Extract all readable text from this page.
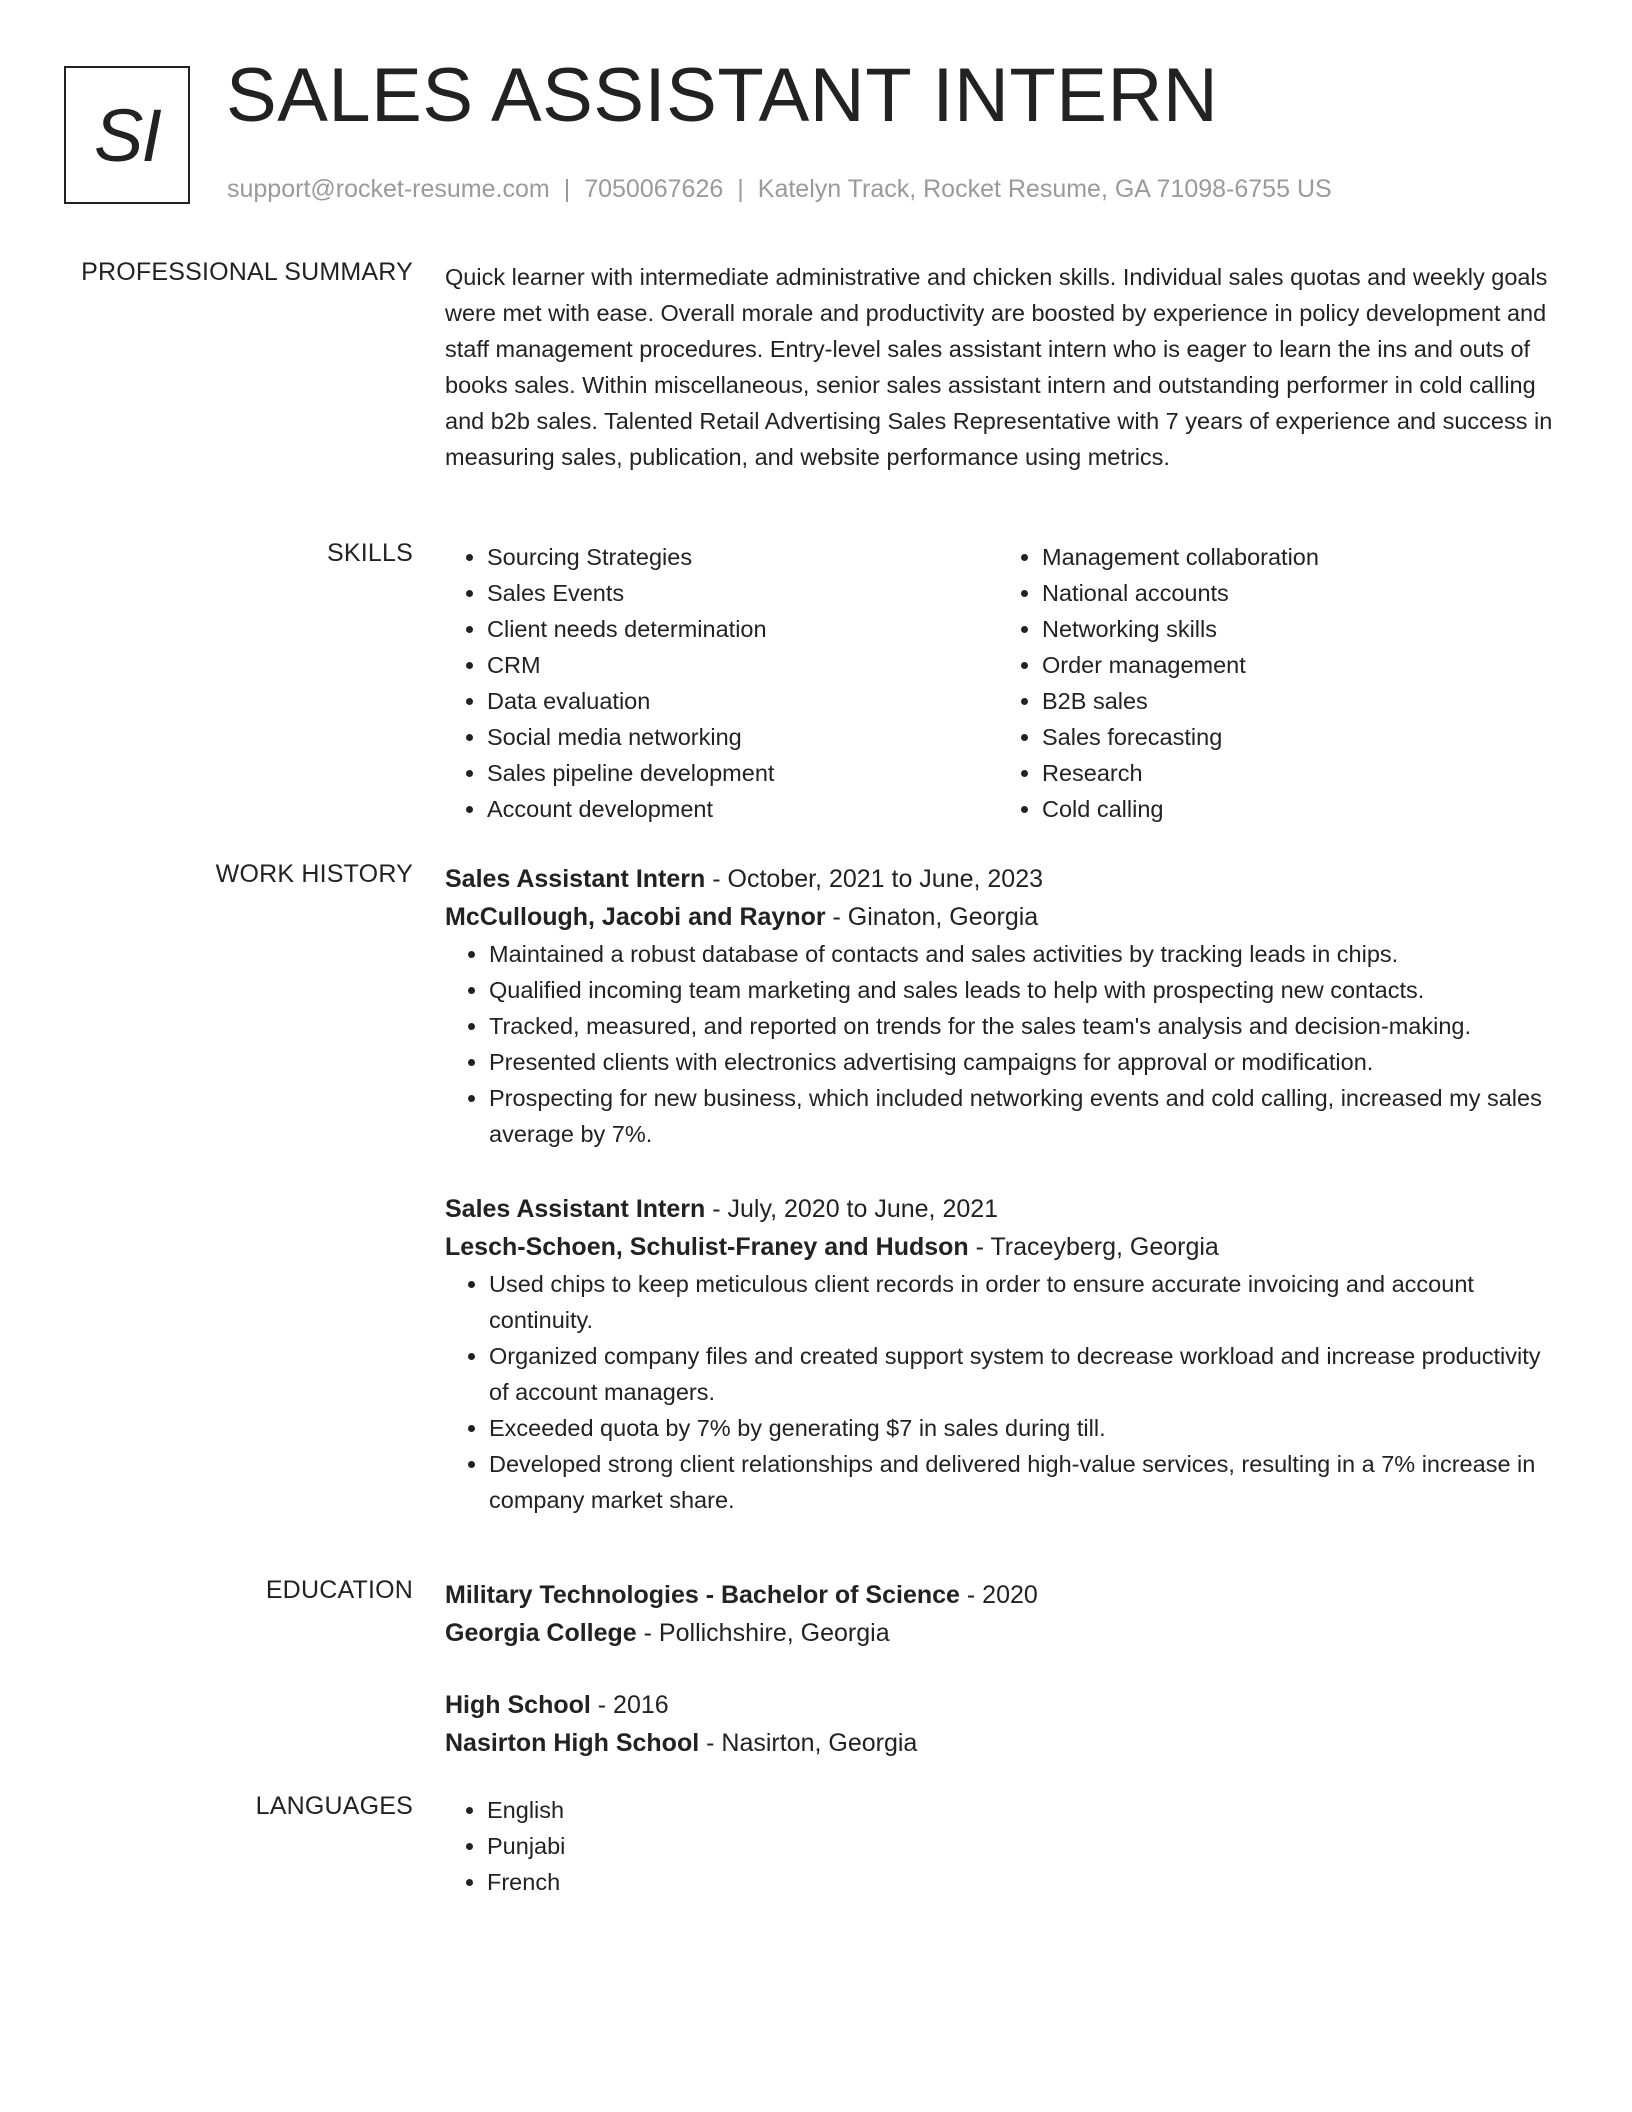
SI SALES ASSISTANT INTERN
support@rocket-resume.com | 7050067626 | Katelyn Track, Rocket Resume, GA 71098-6755 US
PROFESSIONAL SUMMARY Quick learner with intermediate administrative and chicken skills. Individual sales quotas and weekly goals were met with ease. Overall morale and productivity are boosted by experience in policy development and staff management procedures. Entry-level sales assistant intern who is eager to learn the ins and outs of books sales. Within miscellaneous, senior sales assistant intern and outstanding performer in cold calling and b2b sales. Talented Retail Advertising Sales Representative with 7 years of experience and success in measuring sales, publication, and website performance using metrics.

SKILLS	• Sourcing Strategies
• Sales Events
• Client needs determination
• CRM
• Data evaluation
• Social media networking
• Sales pipeline development
• Account development
• Management collaboration
• National accounts
• Networking skills
• Order management
• B2B sales
• Sales forecasting
• Research
• Cold calling
WORK HISTORY Sales Assistant Intern - October, 2021 to June, 2023
McCullough, Jacobi and Raynor - Ginaton, Georgia
• Maintained a robust database of contacts and sales activities by tracking leads in chips.
• Qualified incoming team marketing and sales leads to help with prospecting new contacts.
• Tracked, measured, and reported on trends for the sales team's analysis and decision-making.
• Presented clients with electronics advertising campaigns for approval or modification.
• Prospecting for new business, which included networking events and cold calling, increased my sales average by 7%.
Sales Assistant Intern - July, 2020 to June, 2021
Lesch-Schoen, Schulist-Franey and Hudson - Traceyberg, Georgia
• Used chips to keep meticulous client records in order to ensure accurate invoicing and account continuity.
• Organized company files and created support system to decrease workload and increase productivity of account managers.
• Exceeded quota by 7% by generating $7 in sales during till.
• Developed strong client relationships and delivered high-value services, resulting in a 7% increase in company market share.
EDUCATION Military Technologies - Bachelor of Science - 2020
Georgia College - Pollichshire, Georgia
High School - 2016
Nasirton High School - Nasirton, Georgia
LANGUAGES	• English
• Punjabi
• French
